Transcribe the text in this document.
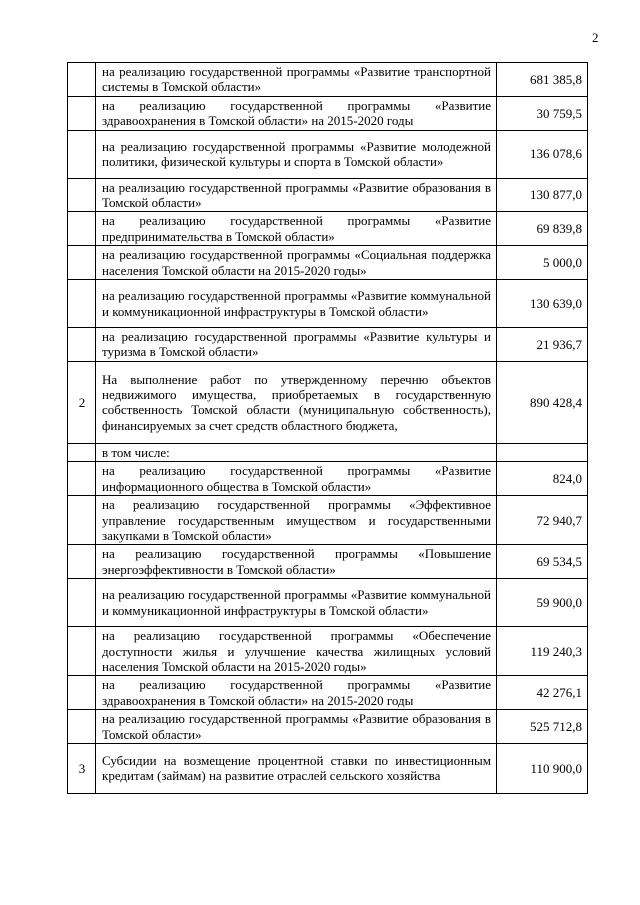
2
	на реализацию государственной программы «Развитие транспортной системы в Томской области»	681 385,8
	на реализацию государственной программы «Развитие здравоохранения в Томской области» на 2015-2020 годы	30 759,5
	на реализацию государственной программы «Развитие молодежной политики, физической культуры и спорта в Томской области»	136 078,6
	на реализацию государственной программы «Развитие образования в Томской области»	130 877,0
	на реализацию государственной программы «Развитие предпринимательства в Томской области»	69 839,8
	на реализацию государственной программы «Социальная поддержка населения Томской области на 2015-2020 годы»	5 000,0
	на реализацию государственной программы «Развитие коммунальной и коммуникационной инфраструктуры в Томской области»	130 639,0
	на реализацию государственной программы «Развитие культуры и туризма в Томской области»	21 936,7
2	На выполнение работ по утвержденному перечню объектов недвижимого имущества, приобретаемых в государственную собственность Томской области (муниципальную собственность), финансируемых за счет средств областного бюджета,	890 428,4
	в том числе:	
	на реализацию государственной программы «Развитие информационного общества в Томской области»	824,0
	на реализацию государственной программы «Эффективное управление государственным имуществом и государственными закупками в Томской области»	72 940,7
	на реализацию государственной программы «Повышение энергоэффективности в Томской области»	69 534,5
	на реализацию государственной программы «Развитие коммунальной и коммуникационной инфраструктуры в Томской области»	59 900,0
	на реализацию государственной программы «Обеспечение доступности жилья и улучшение качества жилищных условий населения Томской области на 2015-2020 годы»	119 240,3
	на реализацию государственной программы «Развитие здравоохранения в Томской области» на 2015-2020 годы	42 276,1
	на реализацию государственной программы «Развитие образования в Томской области»	525 712,8
3	Субсидии на возмещение процентной ставки по инвестиционным кредитам (займам) на развитие отраслей сельского хозяйства	110 900,0
